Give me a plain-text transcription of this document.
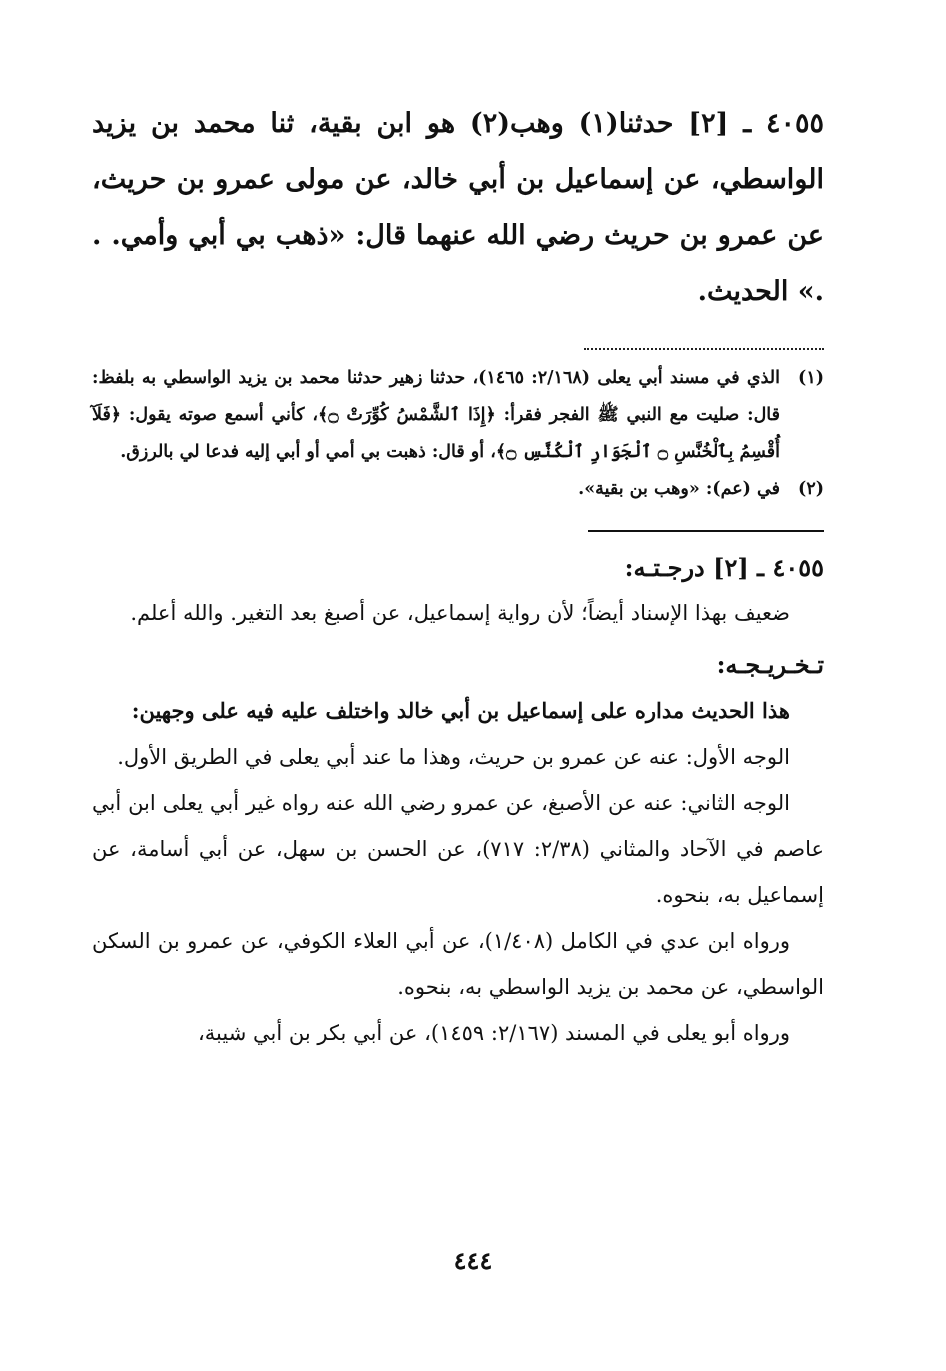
٤٠٥٥ ـ [٢] حدثنا(١) وهب(٢) هو ابن بقية، ثنا محمد بن يزيد الواسطي، عن إسماعيل بن أبي خالد، عن مولى عمرو بن حريث، عن عمرو بن حريث رضي الله عنهما قال: «ذهب بي أبي وأمي. . .» الحديث.

(١)
الذي في مسند أبي يعلى (٢/١٦٨: ١٤٦٥)، حدثنا زهير حدثنا محمد بن يزيد الواسطي به بلفظ: قال: صليت مع النبي ﷺ الفجر فقرأ: ﴿إِذَا ٱلشَّمْسُ كُوِّرَتْ ۝﴾، كأني أسمع صوته يقول: ﴿فَلَآ أُقْسِمُ بِٱلْخُنَّسِ ۝ ٱلْجَوَارِ ٱلْكُنَّسِ ۝﴾، أو قال: ذهبت بي أمي أو أبي إليه فدعا لي بالرزق.
(٢)
في (عم): «وهب بن بقية».
٤٠٥٥ ـ [٢] درجـتـه:

ضعيف بهذا الإسناد أيضاً؛ لأن رواية إسماعيل، عن أصبغ بعد التغير. والله أعلم.

تـخـريـجـه:

هذا الحديث مداره على إسماعيل بن أبي خالد واختلف عليه فيه على وجهين:

الوجه الأول: عنه عن عمرو بن حريث، وهذا ما عند أبي يعلى في الطريق الأول.

الوجه الثاني: عنه عن الأصبغ، عن عمرو رضي الله عنه رواه غير أبي يعلى ابن أبي عاصم في الآحاد والمثاني (٢/٣٨: ٧١٧)، عن الحسن بن سهل، عن أبي أسامة، عن إسماعيل به، بنحوه.

ورواه ابن عدي في الكامل (١/٤٠٨)، عن أبي العلاء الكوفي، عن عمرو بن السكن الواسطي، عن محمد بن يزيد الواسطي به، بنحوه.

ورواه أبو يعلى في المسند (٢/١٦٧: ١٤٥٩)، عن أبي بكر بن أبي شيبة،

٤٤٤
